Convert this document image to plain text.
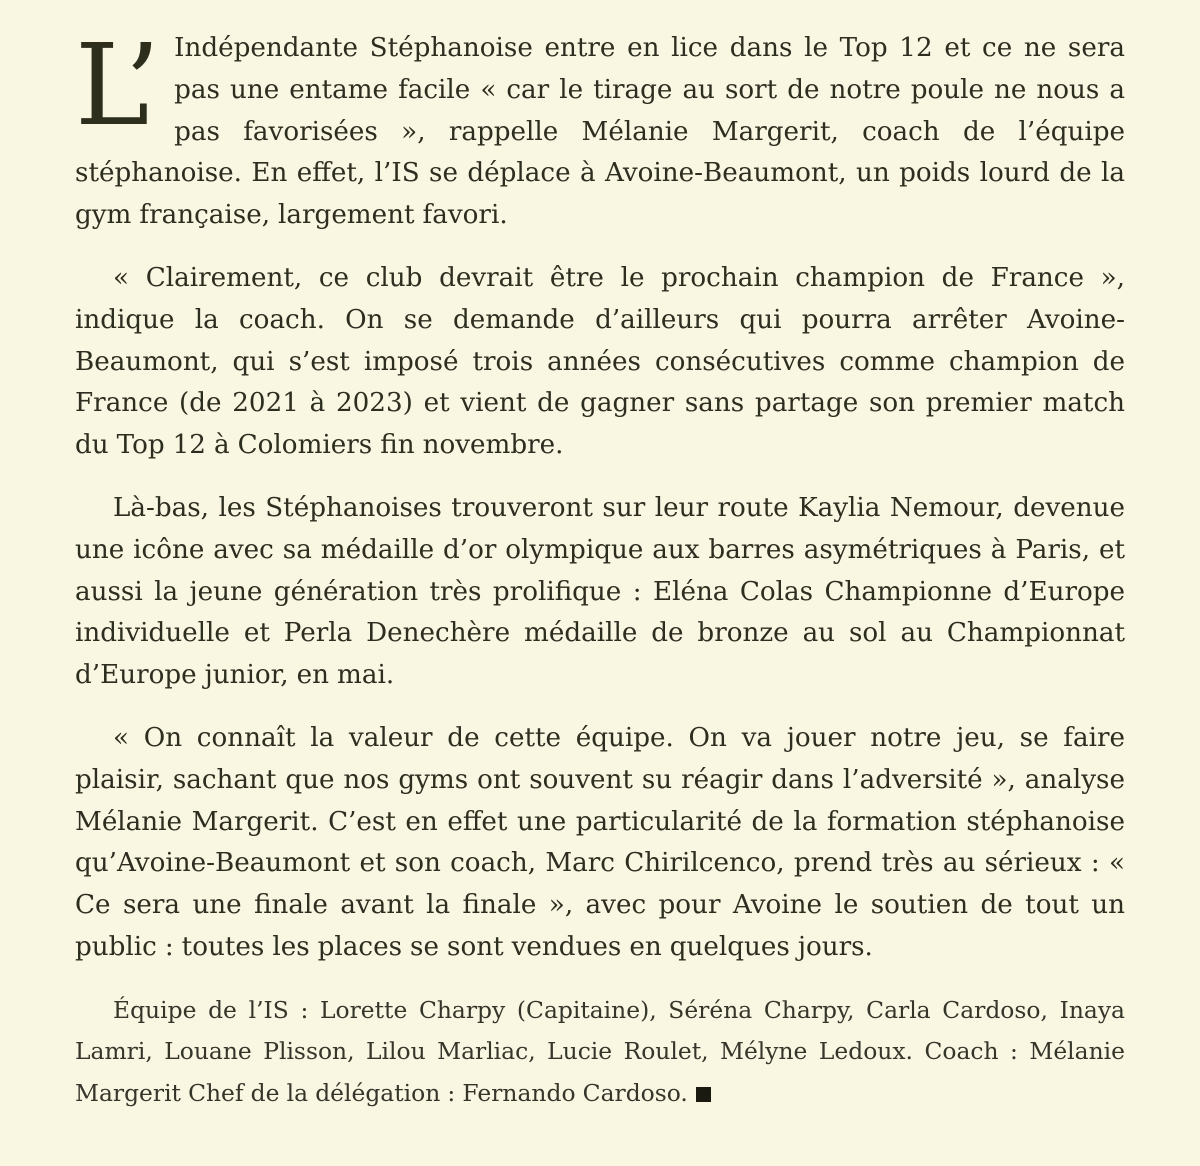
L’ Indépendante Stéphanoise entre en lice dans le Top 12 et ce ne sera pas une entame facile « car le tirage au sort de notre poule ne nous a pas favorisées », rappelle Mélanie Margerit, coach de l’équipe stéphanoise. En effet, l’IS se déplace à Avoine-Beaumont, un poids lourd de la gym française, largement favori.

« Clairement, ce club devrait être le prochain champion de France », indique la coach. On se demande d’ailleurs qui pourra arrêter Avoine-Beaumont, qui s’est imposé trois années consécutives comme champion de France (de 2021 à 2023) et vient de gagner sans partage son premier match du Top 12 à Colomiers fin novembre.

Là-bas, les Stéphanoises trouveront sur leur route Kaylia Nemour, devenue une icône avec sa médaille d’or olympique aux barres asymétriques à Paris, et aussi la jeune génération très prolifique : Eléna Colas Championne d’Europe individuelle et Perla Denechère médaille de bronze au sol au Championnat d’Europe junior, en mai.

« On connaît la valeur de cette équipe. On va jouer notre jeu, se faire plaisir, sachant que nos gyms ont souvent su réagir dans l’adversité », analyse Mélanie Margerit. C’est en effet une particularité de la formation stéphanoise qu’Avoine-Beaumont et son coach, Marc Chirilcenco, prend très au sérieux : « Ce sera une finale avant la finale », avec pour Avoine le soutien de tout un public : toutes les places se sont vendues en quelques jours.

Équipe de l’IS : Lorette Charpy (Capitaine), Séréna Charpy, Carla Cardoso, Inaya Lamri, Louane Plisson, Lilou Marliac, Lucie Roulet, Mélyne Ledoux. Coach : Mélanie Margerit Chef de la délégation : Fernando Cardoso.
